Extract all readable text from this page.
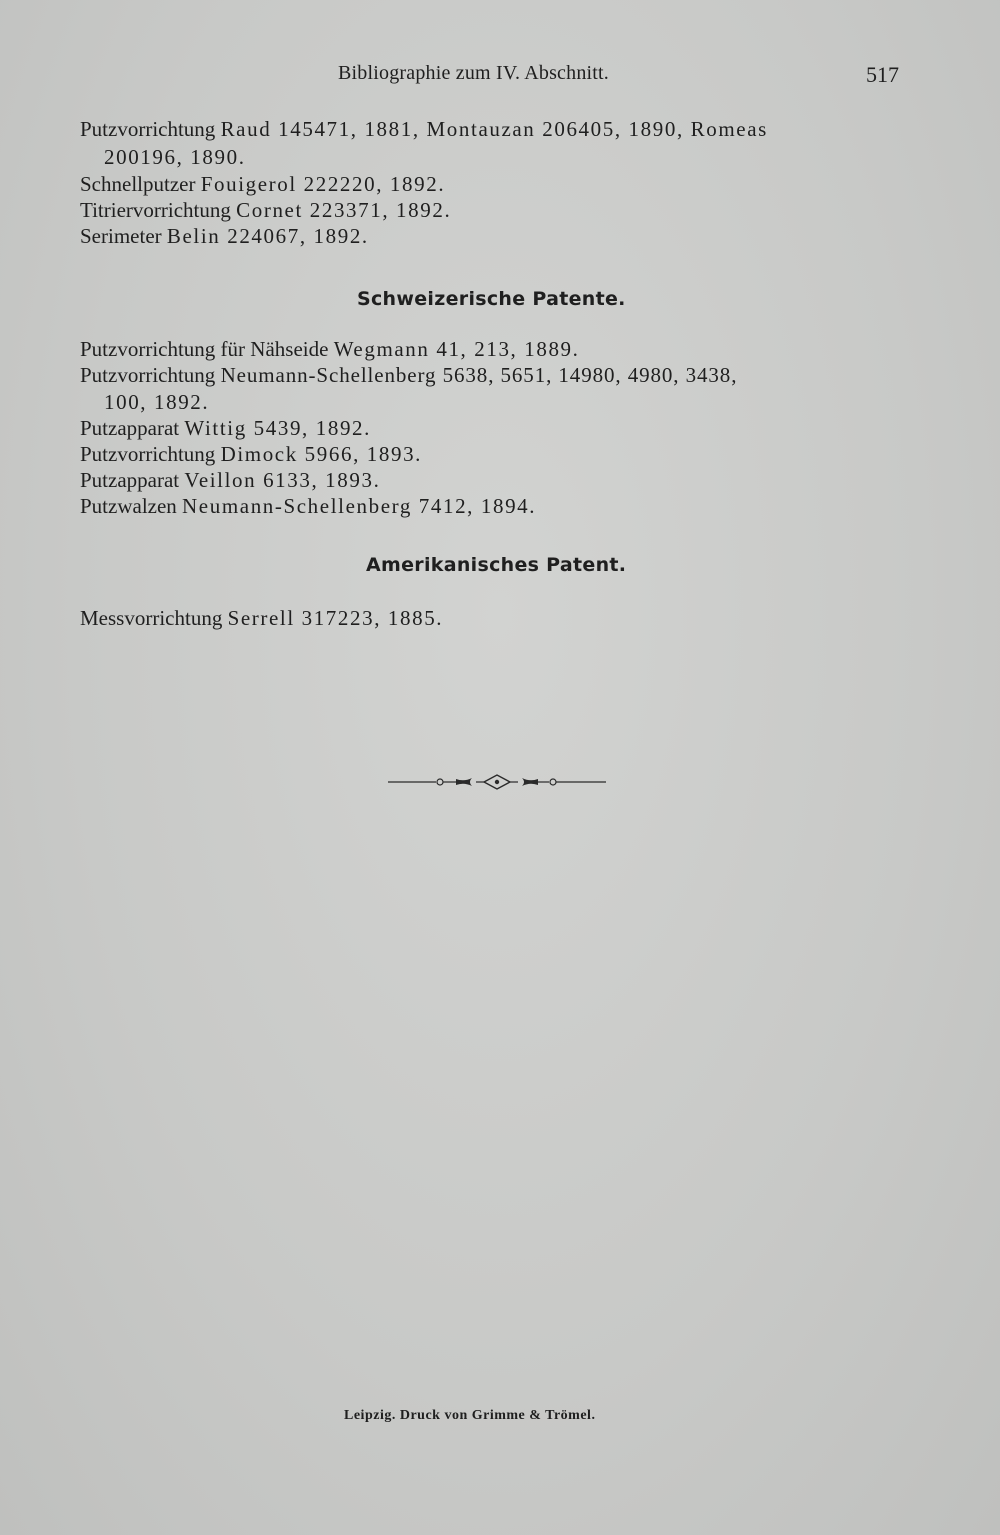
Bibliographie zum IV. Abschnitt.	517
Putzvorrichtung Raud 145471, 1881, Montauzan 206405, 1890, Romeas
200196, 1890.
Schnellputzer Fouigerol 222220, 1892.
Titriervorrichtung Cornet 223371, 1892.
Serimeter Belin 224067, 1892.
Schweizerische Patente.
Putzvorrichtung für Nähseide Wegmann 41, 213, 1889.
Putzvorrichtung Neumann-Schellenberg 5638, 5651, 14980, 4980, 3438,
100, 1892.
Putzapparat Wittig 5439, 1892.
Putzvorrichtung Dimock 5966, 1893.
Putzapparat Veillon 6133, 1893.
Putzwalzen Neumann-Schellenberg 7412, 1894.
Amerikanisches Patent.
Messvorrichtung Serrell 317223, 1885.
Leipzig. Druck von Grimme & Trömel.
